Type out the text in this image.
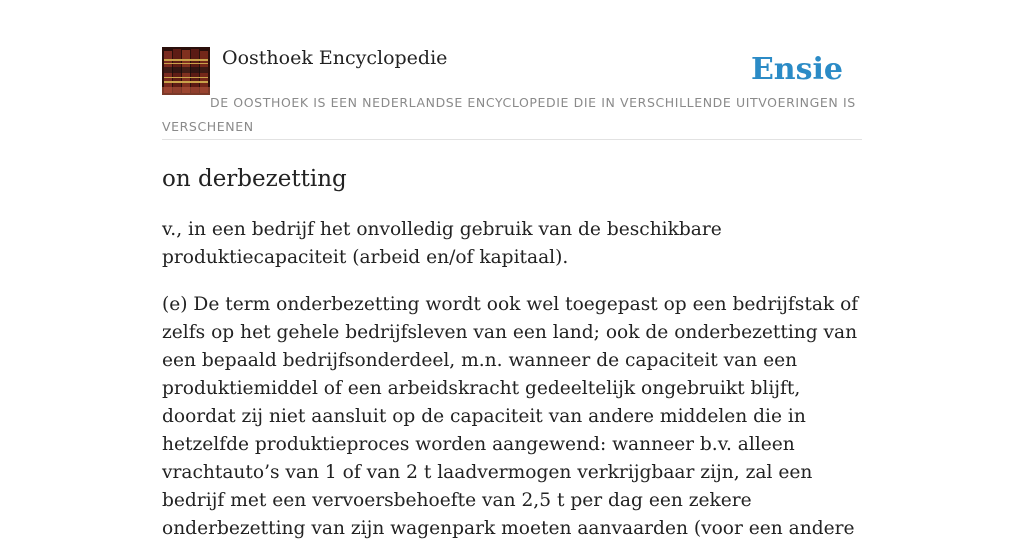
Oosthoek Encyclopedie	Ensie
DE OOSTHOEK IS EEN NEDERLANDSE ENCYCLOPEDIE DIE IN VERSCHILLENDE UITVOERINGEN IS VERSCHENEN
on derbezetting

v., in een bedrijf het onvolledig gebruik van de beschikbare produktiecapaciteit (arbeid en/of kapitaal).

(e) De term onderbezetting wordt ook wel toegepast op een bedrijfstak of zelfs op het gehele bedrijfsleven van een land; ook de onderbezetting van een bepaald bedrijfsonderdeel, m.n. wanneer de capaciteit van een produktiemiddel of een arbeidskracht gedeeltelijk ongebruikt blijft, doordat zij niet aansluit op de capaciteit van andere middelen die in hetzelfde produktieproces worden aangewend: wanneer b.v. alleen vrachtauto’s van 1 of van 2 t laadvermogen verkrijgbaar zijn, zal een bedrijf met een vervoersbehoefte van 2,5 t per dag een zekere onderbezetting van zijn wagenpark moeten aanvaarden (voor een andere
